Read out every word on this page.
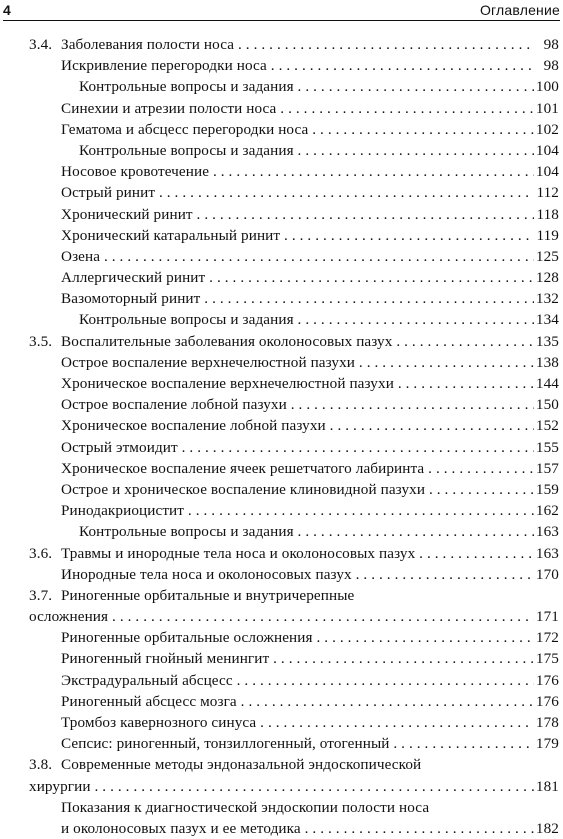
4	Оглавление
3.4. Заболевания полости носа . . .	98
Искривление перегородки носа . . .	98
Контрольные вопросы и задания . . .	100
Синехии и атрезии полости носа . . .	101
Гематома и абсцесс перегородки носа . . .	102
Контрольные вопросы и задания . . .	104
Носовое кровотечение . . .	104
Острый ринит . . .	112
Хронический ринит . . .	118
Хронический катаральный ринит . . .	119
Озена . . .	125
Аллергический ринит . . .	128
Вазомоторный ринит . . .	132
Контрольные вопросы и задания . . .	134
3.5. Воспалительные заболевания околоносовых пазух . . .	135
Острое воспаление верхнечелюстной пазухи . . .	138
Хроническое воспаление верхнечелюстной пазухи . . .	144
Острое воспаление лобной пазухи . . .	150
Хроническое воспаление лобной пазухи . . .	152
Острый этмоидит . . .	155
Хроническое воспаление ячеек решетчатого лабиринта . . .	157
Острое и хроническое воспаление клиновидной пазухи . . .	159
Ринодакриоцистит . . .	162
Контрольные вопросы и задания . . .	163
3.6. Травмы и инородные тела носа и околоносовых пазух . . .	163
Инородные тела носа и околоносовых пазух . . .	170
3.7. Риногенные орбитальные и внутричерепные
осложнения . . .	171
Риногенные орбитальные осложнения . . .	172
Риногенный гнойный менингит . . .	175
Экстрадуральный абсцесс . . .	176
Риногенный абсцесс мозга . . .	176
Тромбоз кавернозного синуса . . .	178
Сепсис: риногенный, тонзиллогенный, отогенный . . .	179
3.8. Современные методы эндоназальной эндоскопической
хирургии . . .	181
Показания к диагностической эндоскопии полости носа
и околоносовых пазух и ее методика . . .	182
